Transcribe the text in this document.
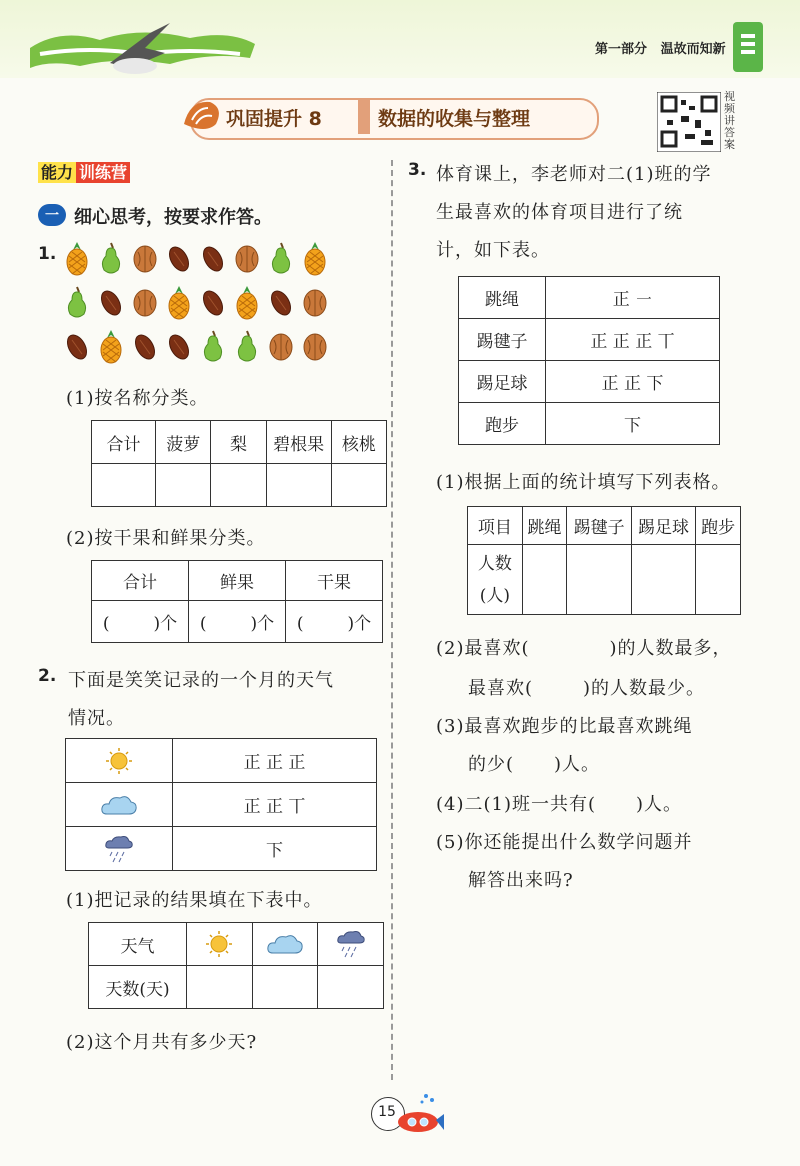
第一部分 温故而知新
巩固提升 8	数据的收集与整理
视频讲答案
能力 训练营
一 细心思考，按要求作答。
1.
(1)按名称分类。
合计	菠萝	梨	碧根果	核桃

(2)按干果和鲜果分类。
合计	鲜果	干果
( )个	( )个	( )个
2. 下面是笑笑记录的一个月的天气
情况。
	正 正 正
	正 正 丅
	下
(1)把记录的结果填在下表中。
天气			
天数(天)			
(2)这个月共有多少天?
3. 体育课上，李老师对二(1)班的学
生最喜欢的体育项目进行了统
计，如下表。
跳绳	正 ㇐
踢毽子	正 正 正 丅
踢足球	正 正 下
跑步	下
(1)根据上面的统计填写下列表格。
项目	跳绳	踢毽子	踢足球	跑步
人数
(人)				
(2)最喜欢(	)的人数最多，
最喜欢(	)的人数最少。
(3)最喜欢跑步的比最喜欢跳绳
的少( )人。
(4)二(1)班一共有( )人。
(5)你还能提出什么数学问题并
解答出来吗?
15
